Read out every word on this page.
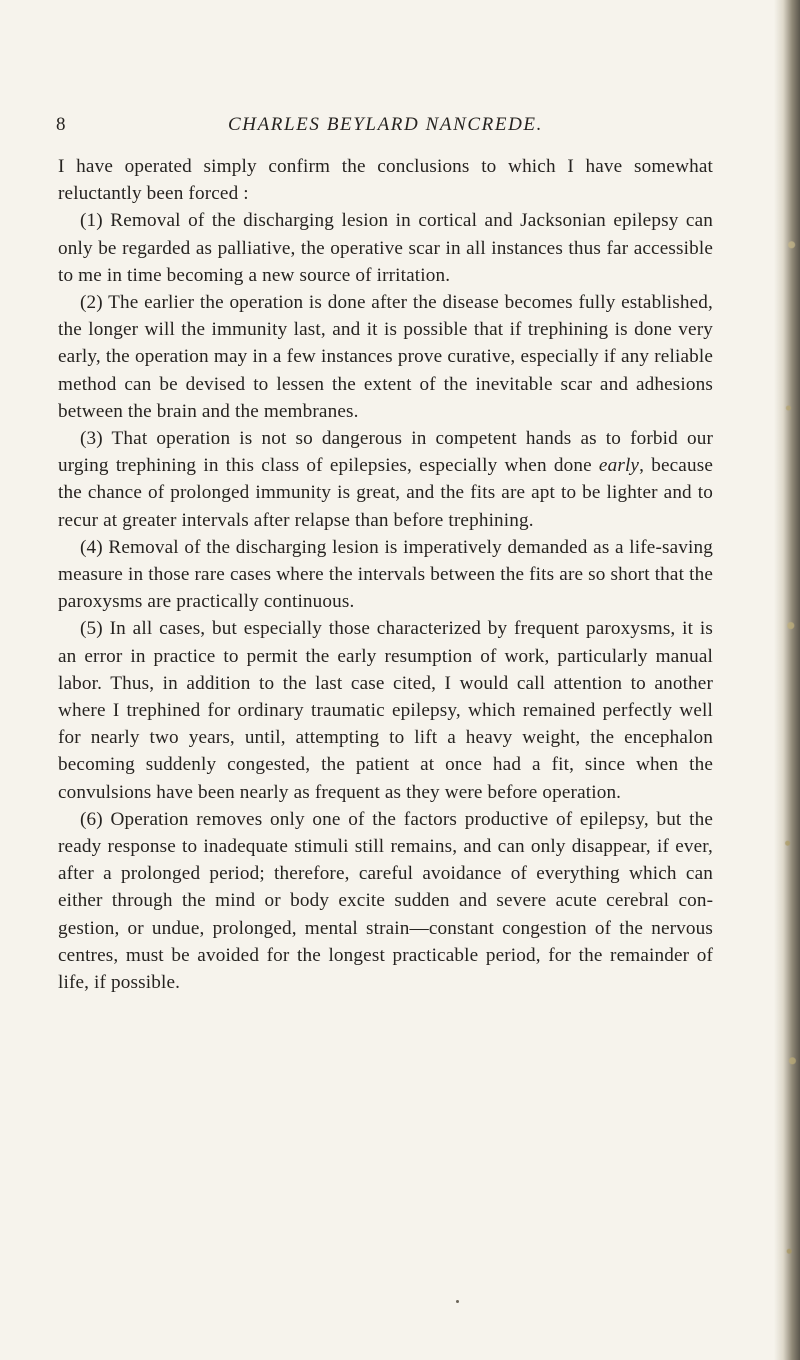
8	CHARLES BEYLARD NANCREDE.

I have operated simply confirm the conclusions to which I have somewhat reluctantly been forced :

(1) Removal of the discharging lesion in cortical and Jacksonian epilepsy can only be regarded as palliative, the operative scar in all instances thus far accessible to me in time becoming a new source of irritation.

(2) The earlier the operation is done after the disease becomes fully established, the longer will the immunity last, and it is possible that if trephining is done very early, the operation may in a few instances prove curative, especially if any reliable method can be devised to lessen the extent of the inevitable scar and adhesions between the brain and the membranes.

(3) That operation is not so dangerous in competent hands as to forbid our urging trephining in this class of epilepsies, especially when done early, because the chance of prolonged immunity is great, and the fits are apt to be lighter and to recur at greater intervals after relapse than before trephining.

(4) Removal of the discharging lesion is imperatively demanded as a life-saving measure in those rare cases where the intervals between the fits are so short that the paroxysms are practically continuous.

(5) In all cases, but especially those characterized by frequent paroxysms, it is an error in practice to permit the early resumption of work, particularly manual labor. Thus, in addition to the last case cited, I would call attention to another where I trephined for ordinary traumatic epilepsy, which remained perfectly well for nearly two years, until, attempting to lift a heavy weight, the encephalon becoming suddenly congested, the patient at once had a fit, since when the convulsions have been nearly as frequent as they were before operation.

(6) Operation removes only one of the factors productive of epilepsy, but the ready response to inadequate stimuli still remains, and can only disappear, if ever, after a prolonged period; therefore, careful avoidance of everything which can either through the mind or body excite sudden and severe acute cerebral congestion, or undue, prolonged, mental strain—constant congestion of the nervous centres, must be avoided for the longest practicable period, for the remainder of life, if possible.
